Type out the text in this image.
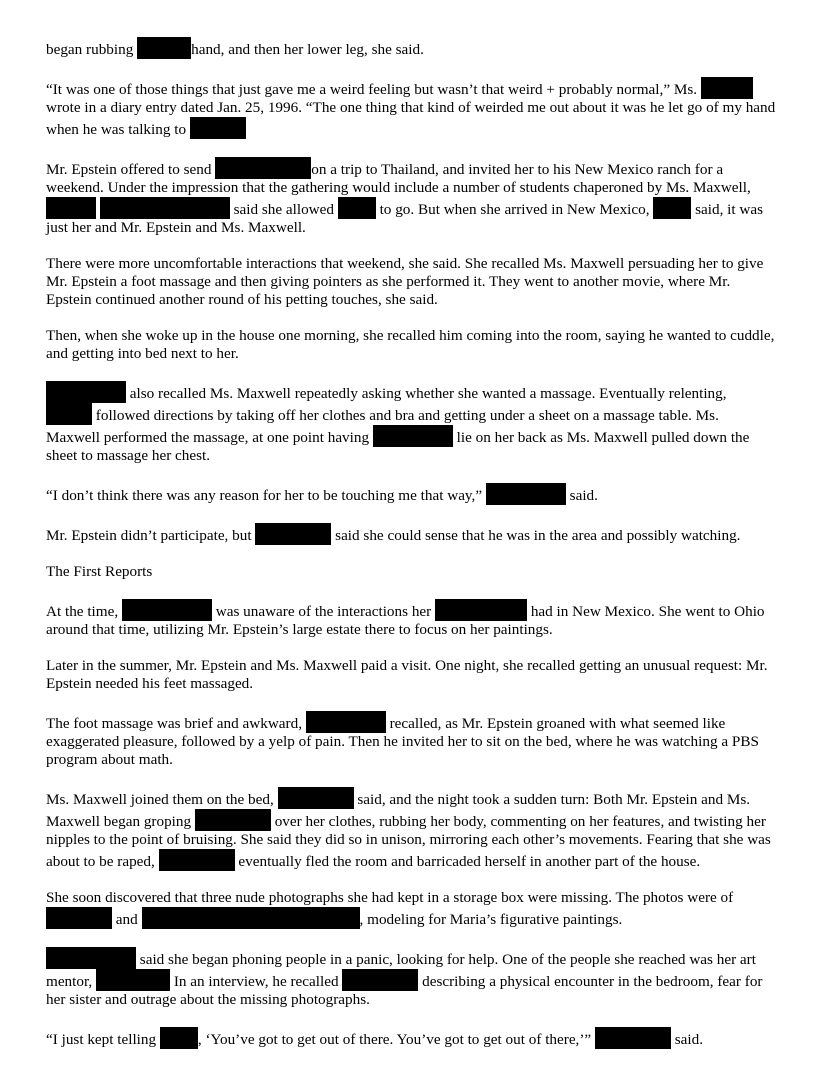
began rubbing	hand, and then her lower leg, she said.

“It was one of those things that just gave me a weird feeling but wasn’t that weird + probably normal,” Ms. wrote in a diary entry dated Jan. 25, 1996. “The one thing that kind of weirded me out about it was he let go of my hand when he was talking to

Mr. Epstein offered to send	on a trip to Thailand, and invited her to his New Mexico ranch for a weekend. Under the impression that the gathering would include a number of students chaperoned by Ms. Maxwell,   said she allowed	to go. But when she arrived in New Mexico,	said, it was just her and Mr. Epstein and Ms. Maxwell.

There were more uncomfortable interactions that weekend, she said. She recalled Ms. Maxwell persuading her to give Mr. Epstein a foot massage and then giving pointers as she performed it. They went to another movie, where Mr. Epstein continued another round of his petting touches, she said.

Then, when she woke up in the house one morning, she recalled him coming into the room, saying he wanted to cuddle, and getting into bed next to her.

also recalled Ms. Maxwell repeatedly asking whether she wanted a massage. Eventually relenting,  followed directions by taking off her clothes and bra and getting under a sheet on a massage table. Ms. Maxwell performed the massage, at one point having	lie on her back as Ms. Maxwell pulled down the sheet to massage her chest.

“I don’t think there was any reason for her to be touching me that way,”	said.

Mr. Epstein didn’t participate, but	said she could sense that he was in the area and possibly watching.

The First Reports

At the time,	was unaware of the interactions her	had in New Mexico. She went to Ohio around that time, utilizing Mr. Epstein’s large estate there to focus on her paintings.

Later in the summer, Mr. Epstein and Ms. Maxwell paid a visit. One night, she recalled getting an unusual request: Mr. Epstein needed his feet massaged.

The foot massage was brief and awkward,	recalled, as Mr. Epstein groaned with what seemed like exaggerated pleasure, followed by a yelp of pain. Then he invited her to sit on the bed, where he was watching a PBS program about math.

Ms. Maxwell joined them on the bed,	said, and the night took a sudden turn: Both Mr. Epstein and Ms. Maxwell began groping	over her clothes, rubbing her body, commenting on her features, and twisting her nipples to the point of bruising. She said they did so in unison, mirroring each other’s movements. Fearing that she was about to be raped,	eventually fled the room and barricaded herself in another part of the house.

She soon discovered that three nude photographs she had kept in a storage box were missing. The photos were of  and	, modeling for Maria’s figurative paintings.

said she began phoning people in a panic, looking for help. One of the people she reached was her art mentor,	In an interview, he recalled	describing a physical encounter in the bedroom, fear for her sister and outrage about the missing photographs.

“I just kept telling	, ‘You’ve got to get out of there. You’ve got to get out of there,’”	said.
